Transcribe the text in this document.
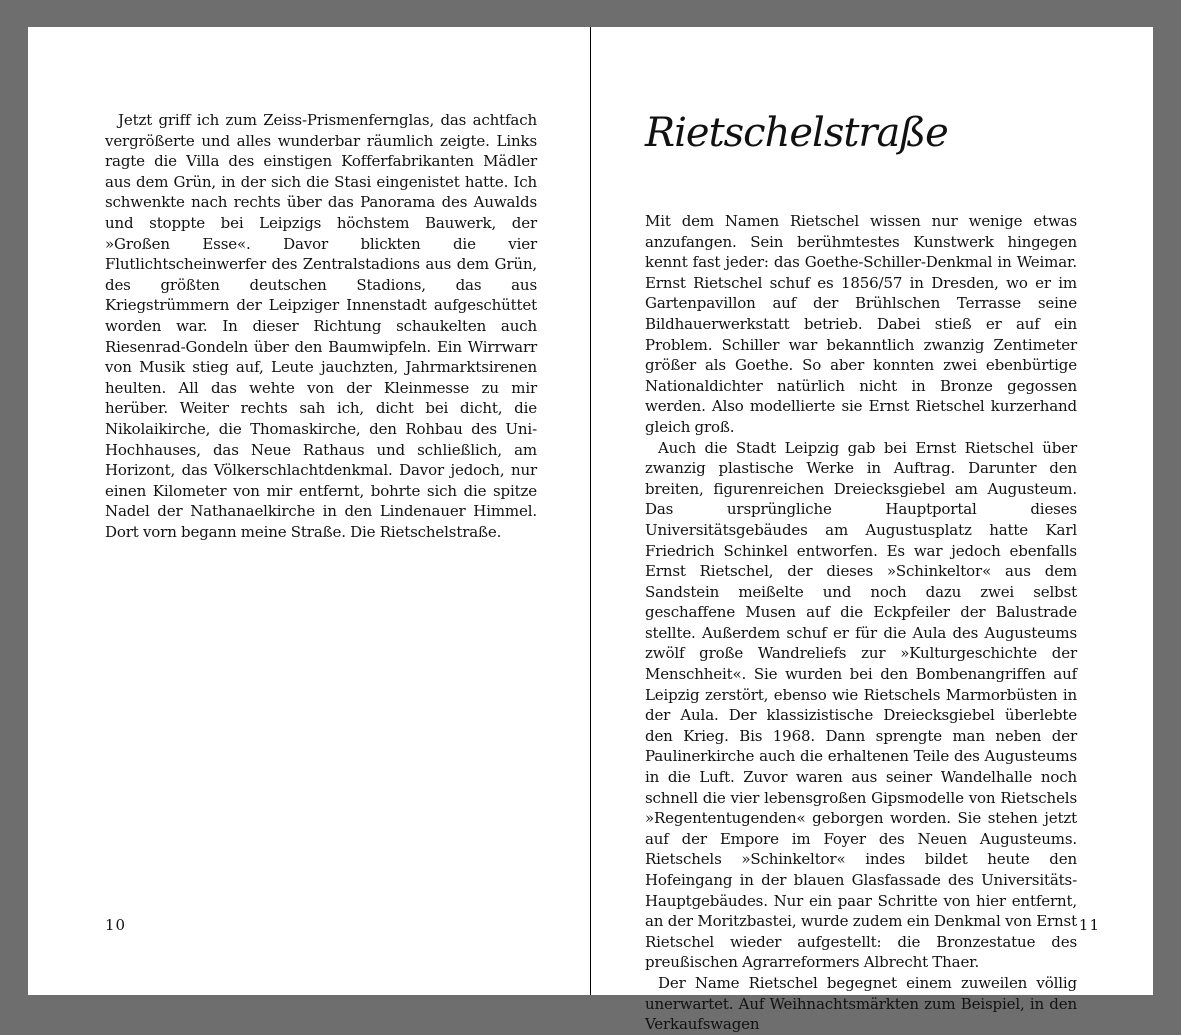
Jetzt griff ich zum Zeiss-Prismenfernglas, das achtfach vergrößerte und alles wunderbar räumlich zeigte. Links ragte die Villa des einstigen Kofferfabrikanten Mädler aus dem Grün, in der sich die Stasi eingenistet hatte. Ich schwenkte nach rechts über das Panorama des Auwalds und stoppte bei Leipzigs höchstem Bauwerk, der »Großen Esse«. Davor blickten die vier Flutlichtscheinwerfer des Zentralstadions aus dem Grün, des größten deutschen Stadions, das aus Kriegstrümmern der Leipziger Innenstadt aufgeschüttet worden war. In dieser Richtung schaukelten auch Riesenrad-Gondeln über den Baumwipfeln. Ein Wirrwarr von Musik stieg auf, Leute jauchzten, Jahrmarktsirenen heulten. All das wehte von der Kleinmesse zu mir herüber. Weiter rechts sah ich, dicht bei dicht, die Nikolaikirche, die Thomaskirche, den Rohbau des Uni-Hochhauses, das Neue Rathaus und schließlich, am Horizont, das Völkerschlachtdenkmal. Davor jedoch, nur einen Kilometer von mir entfernt, bohrte sich die spitze Nadel der Nathanaelkirche in den Lindenauer Himmel. Dort vorn begann meine Straße. Die Rietschelstraße.

10
Rietschelstraße

Mit dem Namen Rietschel wissen nur wenige etwas anzufangen. Sein berühmtestes Kunstwerk hingegen kennt fast jeder: das Goethe-Schiller-Denkmal in Weimar. Ernst Rietschel schuf es 1856/57 in Dresden, wo er im Gartenpavillon auf der Brühlschen Terrasse seine Bildhauerwerkstatt betrieb. Dabei stieß er auf ein Problem. Schiller war bekanntlich zwanzig Zentimeter größer als Goethe. So aber konnten zwei ebenbürtige Nationaldichter natürlich nicht in Bronze gegossen werden. Also modellierte sie Ernst Rietschel kurzerhand gleich groß.

Auch die Stadt Leipzig gab bei Ernst Rietschel über zwanzig plastische Werke in Auftrag. Darunter den breiten, figurenreichen Dreiecksgiebel am Augusteum. Das ursprüngliche Hauptportal dieses Universitätsgebäudes am Augustusplatz hatte Karl Friedrich Schinkel entworfen. Es war jedoch ebenfalls Ernst Rietschel, der dieses »Schinkeltor« aus dem Sandstein meißelte und noch dazu zwei selbst geschaffene Musen auf die Eckpfeiler der Balustrade stellte. Außerdem schuf er für die Aula des Augusteums zwölf große Wandreliefs zur »Kulturgeschichte der Menschheit«. Sie wurden bei den Bombenangriffen auf Leipzig zerstört, ebenso wie Rietschels Marmorbüsten in der Aula. Der klassizistische Dreiecksgiebel überlebte den Krieg. Bis 1968. Dann sprengte man neben der Paulinerkirche auch die erhaltenen Teile des Augusteums in die Luft. Zuvor waren aus seiner Wandelhalle noch schnell die vier lebensgroßen Gipsmodelle von Rietschels »Regententugenden« geborgen worden. Sie stehen jetzt auf der Empore im Foyer des Neuen Augusteums. Rietschels »Schinkeltor« indes bildet heute den Hofeingang in der blauen Glasfassade des Universitäts-Hauptgebäudes. Nur ein paar Schritte von hier entfernt, an der Moritzbastei, wurde zudem ein Denkmal von Ernst Rietschel wieder aufgestellt: die Bronzestatue des preußischen Agrarreformers Albrecht Thaer.

Der Name Rietschel begegnet einem zuweilen völlig unerwartet. Auf Weihnachtsmärkten zum Beispiel, in den Verkaufswagen

11
